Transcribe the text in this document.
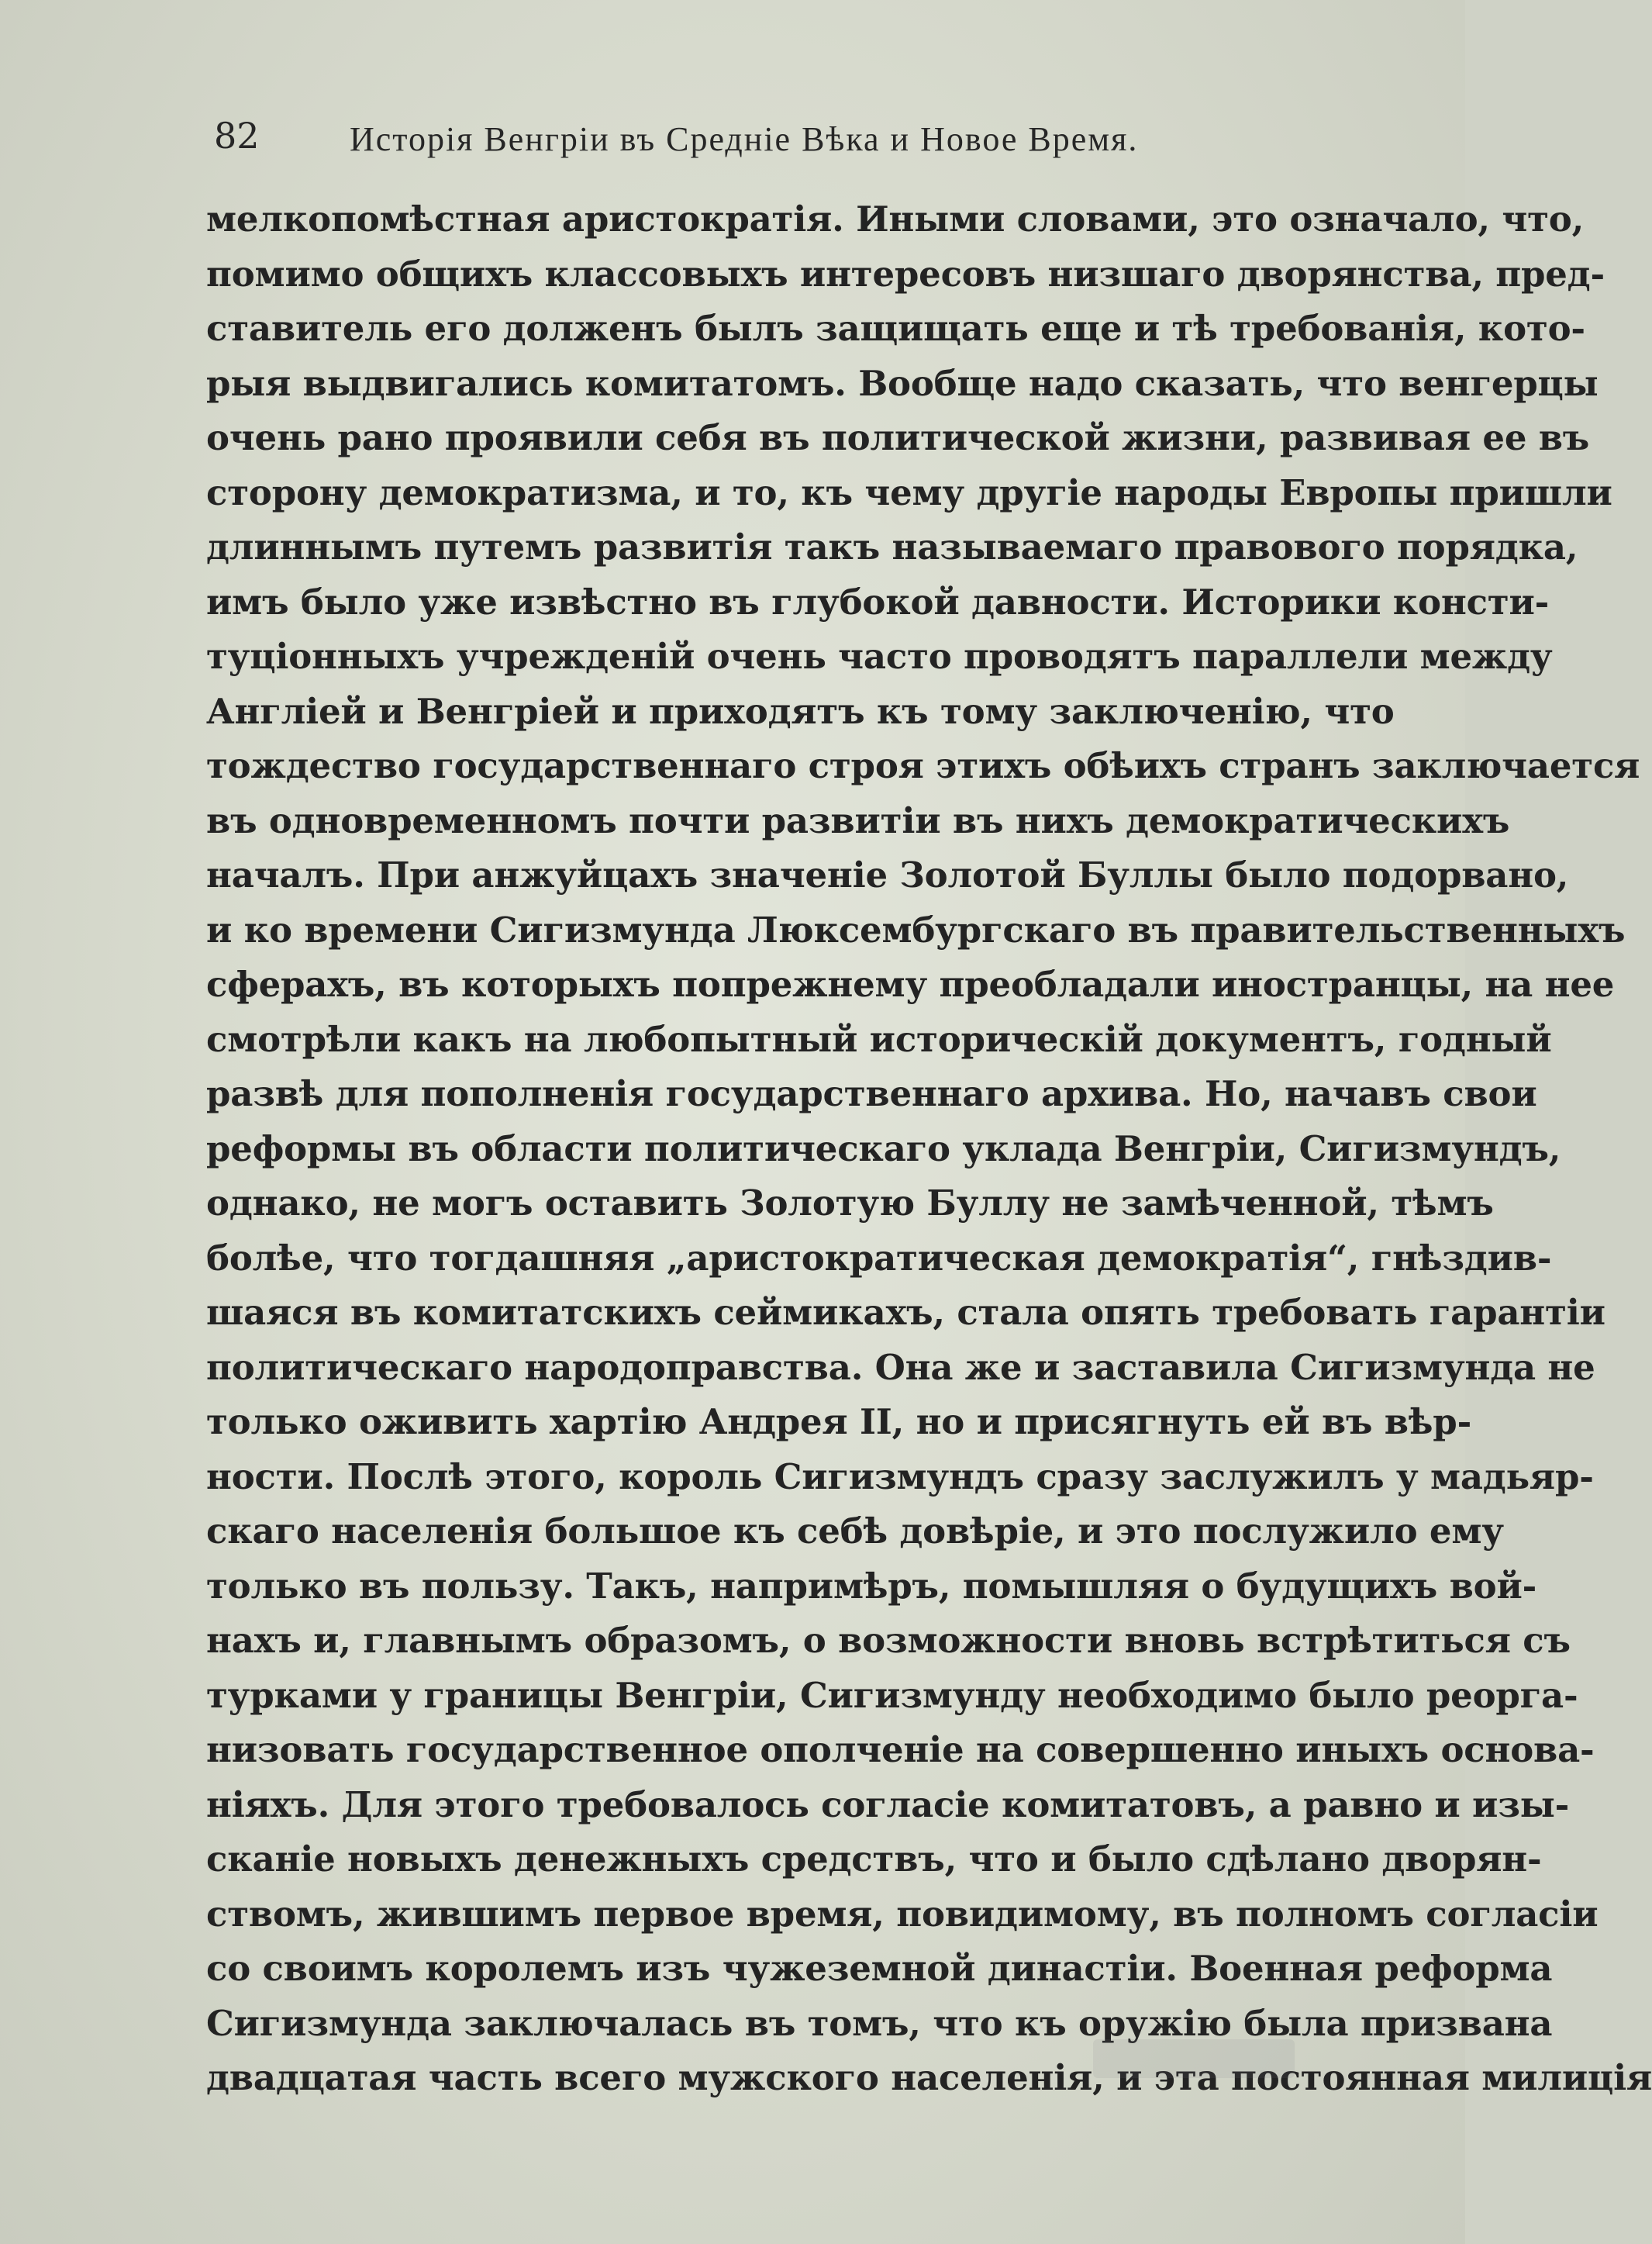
82	Исторія Венгріи въ Средніе Вѣка и Новое Время.
мелкопомѣстная аристократія. Иными словами, это означало, что,
помимо общихъ классовыхъ интересовъ низшаго дворянства, пред-
ставитель его долженъ былъ защищать еще и тѣ требованія, кото-
рыя выдвигались комитатомъ. Вообще надо сказать, что венгерцы
очень рано проявили себя въ политической жизни, развивая ее въ
сторону демократизма, и то, къ чему другіе народы Европы пришли
длиннымъ путемъ развитія такъ называемаго правового порядка,
имъ было уже извѣстно въ глубокой давности. Историки консти-
туціонныхъ учрежденій очень часто проводятъ параллели между
Англіей и Венгріей и приходятъ къ тому заключенію, что
тождество государственнаго строя этихъ обѣихъ странъ заключается
въ одновременномъ почти развитіи въ нихъ демократическихъ
началъ. При анжуйцахъ значеніе Золотой Буллы было подорвано,
и ко времени Сигизмунда Люксембургскаго въ правительственныхъ
сферахъ, въ которыхъ попрежнему преобладали иностранцы, на нее
смотрѣли какъ на любопытный историческій документъ, годный
развѣ для пополненія государственнаго архива. Но, начавъ свои
реформы въ области политическаго уклада Венгріи, Сигизмундъ,
однако, не могъ оставить Золотую Буллу не замѣченной, тѣмъ
болѣе, что тогдашняя „аристократическая демократія“, гнѣздив-
шаяся въ комитатскихъ сеймикахъ, стала опять требовать гарантіи
политическаго народоправства. Она же и заставила Сигизмунда не
только оживить хартію Андрея II, но и присягнуть ей въ вѣр-
ности. Послѣ этого, король Сигизмундъ сразу заслужилъ у мадьяр-
скаго населенія большое къ себѣ довѣріе, и это послужило ему
только въ пользу. Такъ, напримѣръ, помышляя о будущихъ вой-
нахъ и, главнымъ образомъ, о возможности вновь встрѣтиться съ
турками у границы Венгріи, Сигизмунду необходимо было реорга-
низовать государственное ополченіе на совершенно иныхъ основа-
ніяхъ. Для этого требовалось согласіе комитатовъ, а равно и изы-
сканіе новыхъ денежныхъ средствъ, что и было сдѣлано дворян-
ствомъ, жившимъ первое время, повидимому, въ полномъ согласіи
со своимъ королемъ изъ чужеземной династіи. Военная реформа
Сигизмунда заключалась въ томъ, что къ оружію была призвана
двадцатая часть всего мужского населенія, и эта постоянная милиція
